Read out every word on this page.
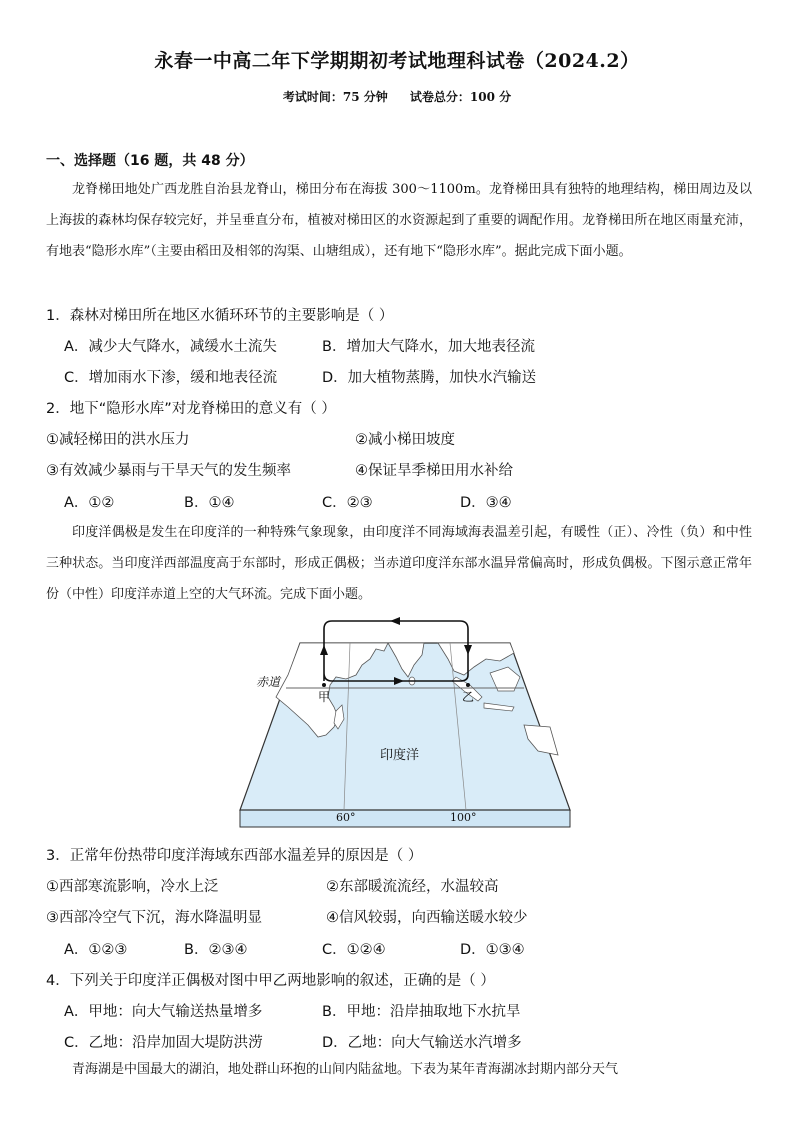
永春一中高二年下学期期初考试地理科试卷（2024.2）
考试时间：75 分钟 试卷总分：100 分
一、选择题（16 题，共 48 分）
龙脊梯田地处广西龙胜自治县龙脊山，梯田分布在海拔 300～1100m。龙脊梯田具有独特的地理结构，梯田周边及以上海拔的森林均保存较完好，并呈垂直分布，植被对梯田区的水资源起到了重要的调配作用。龙脊梯田所在地区雨量充沛，有地表“隐形水库”（主要由稻田及相邻的沟渠、山塘组成），还有地下“隐形水库”。据此完成下面小题。
1．森林对梯田所在地区水循环环节的主要影响是（ ）
A．减少大气降水，减缓水土流失	B．增加大气降水，加大地表径流
C．增加雨水下渗，缓和地表径流	D．加大植物蒸腾，加快水汽输送
2．地下“隐形水库”对龙脊梯田的意义有（ ）
①减轻梯田的洪水压力	②减小梯田坡度
③有效减少暴雨与干旱天气的发生频率	④保证旱季梯田用水补给
A．①②	B．①④	C．②③	D．③④
印度洋偶极是发生在印度洋的一种特殊气象现象，由印度洋不同海域海表温差引起，有暖性（正）、冷性（负）和中性三种状态。当印度洋西部温度高于东部时，形成正偶极；当赤道印度洋东部水温异常偏高时，形成负偶极。下图示意正常年份（中性）印度洋赤道上空的大气环流。完成下面小题。
赤道
甲	乙
印度洋
60°	100°
3．正常年份热带印度洋海域东西部水温差异的原因是（ ）
①西部寒流影响，冷水上泛	②东部暖流流经，水温较高
③西部冷空气下沉，海水降温明显	④信风较弱，向西输送暖水较少
A．①②③	B．②③④	C．①②④	D．①③④
4．下列关于印度洋正偶极对图中甲乙两地影响的叙述，正确的是（ ）
A．甲地：向大气输送热量增多	B．甲地：沿岸抽取地下水抗旱
C．乙地：沿岸加固大堤防洪涝	D．乙地：向大气输送水汽增多
青海湖是中国最大的湖泊，地处群山环抱的山间内陆盆地。下表为某年青海湖冰封期内部分天气
